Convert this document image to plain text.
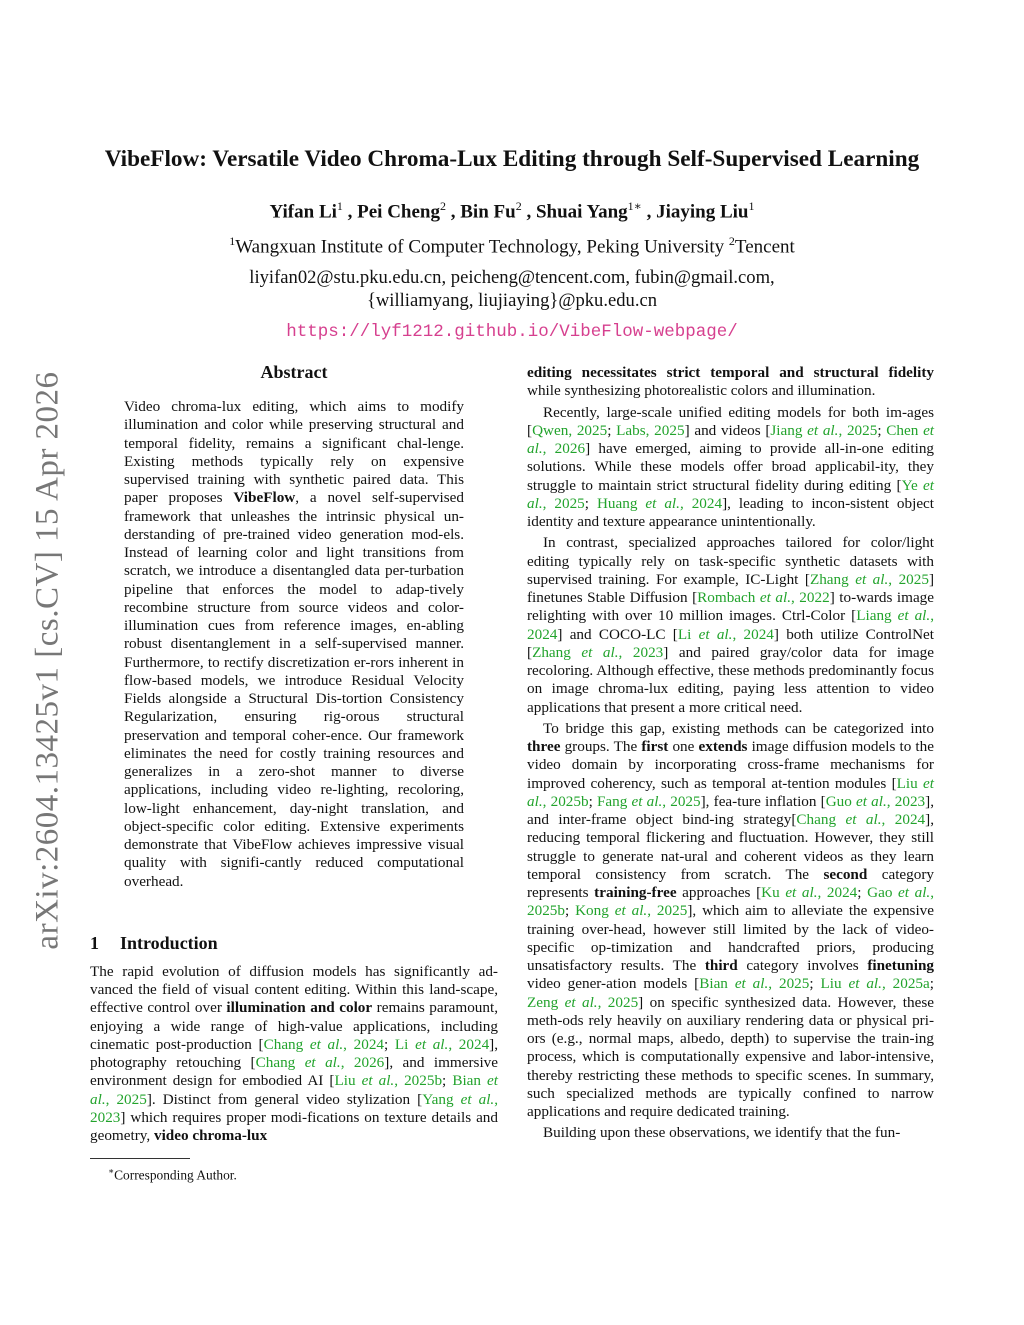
arXiv:2604.13425v1 [cs.CV] 15 Apr 2026
VibeFlow: Versatile Video Chroma-Lux Editing through Self-Supervised Learning
Yifan Li$^1$ , Pei Cheng$^2$ , Bin Fu$^2$ , Shuai Yang$^{1∗}$ , Jiaying Liu$^1$
$^1$Wangxuan Institute of Computer Technology, Peking University $^2$Tencent
liyifan02@stu.pku.edu.cn, peicheng@tencent.com, fubin@gmail.com,
{williamyang, liujiaying}@pku.edu.cn
https://lyf1212.github.io/VibeFlow-webpage/
Abstract
Video chroma-lux editing, which aims to modify illumination and color while preserving structural and temporal fidelity, remains a significant chal-lenge. Existing methods typically rely on expensive supervised training with synthetic paired data. This paper proposes VibeFlow, a novel self-supervised framework that unleashes the intrinsic physical un-derstanding of pre-trained video generation mod-els. Instead of learning color and light transitions from scratch, we introduce a disentangled data per-turbation pipeline that enforces the model to adap-tively recombine structure from source videos and color-illumination cues from reference images, en-abling robust disentanglement in a self-supervised manner. Furthermore, to rectify discretization er-rors inherent in flow-based models, we introduce Residual Velocity Fields alongside a Structural Dis-tortion Consistency Regularization, ensuring rig-orous structural preservation and temporal coher-ence. Our framework eliminates the need for costly training resources and generalizes in a zero-shot manner to diverse applications, including video re-lighting, recoloring, low-light enhancement, day-night translation, and object-specific color editing. Extensive experiments demonstrate that VibeFlow achieves impressive visual quality with signifi-cantly reduced computational overhead.
1 Introduction
The rapid evolution of diffusion models has significantly ad-vanced the field of visual content editing. Within this land-scape, effective control over illumination and color remains paramount, enjoying a wide range of high-value applications, including cinematic post-production [Chang et al., 2024; Li et al., 2024], photography retouching [Chang et al., 2026], and immersive environment design for embodied AI [Liu et al., 2025b; Bian et al., 2025]. Distinct from general video stylization [Yang et al., 2023] which requires proper modi-fications on texture details and geometry, video chroma-lux
editing necessitates strict temporal and structural fidelity while synthesizing photorealistic colors and illumination.
Recently, large-scale unified editing models for both im-ages [Qwen, 2025; Labs, 2025] and videos [Jiang et al., 2025; Chen et al., 2026] have emerged, aiming to provide all-in-one editing solutions. While these models offer broad applicabil-ity, they struggle to maintain strict structural fidelity during editing [Ye et al., 2025; Huang et al., 2024], leading to incon-sistent object identity and texture appearance unintentionally.
In contrast, specialized approaches tailored for color/light editing typically rely on task-specific synthetic datasets with supervised training. For example, IC-Light [Zhang et al., 2025] finetunes Stable Diffusion [Rombach et al., 2022] to-wards image relighting with over 10 million images. Ctrl-Color [Liang et al., 2024] and COCO-LC [Li et al., 2024] both utilize ControlNet [Zhang et al., 2023] and paired gray/color data for image recoloring. Although effective, these methods predominantly focus on image chroma-lux editing, paying less attention to video applications that present a more critical need.
To bridge this gap, existing methods can be categorized into three groups. The first one extends image diffusion models to the video domain by incorporating cross-frame mechanisms for improved coherency, such as temporal at-tention modules [Liu et al., 2025b; Fang et al., 2025], fea-ture inflation [Guo et al., 2023], and inter-frame object bind-ing strategy[Chang et al., 2024], reducing temporal flickering and fluctuation. However, they still struggle to generate nat-ural and coherent videos as they learn temporal consistency from scratch. The second category represents training-free approaches [Ku et al., 2024; Gao et al., 2025b; Kong et al., 2025], which aim to alleviate the expensive training over-head, however still limited by the lack of video-specific op-timization and handcrafted priors, producing unsatisfactory results. The third category involves finetuning video gener-ation models [Bian et al., 2025; Liu et al., 2025a; Zeng et al., 2025] on specific synthesized data. However, these meth-ods rely heavily on auxiliary rendering data or physical pri-ors (e.g., normal maps, albedo, depth) to supervise the train-ing process, which is computationally expensive and labor-intensive, thereby restricting these methods to specific scenes. In summary, such specialized methods are typically confined to narrow applications and require dedicated training.
Building upon these observations, we identify that the fun-
∗Corresponding Author.
